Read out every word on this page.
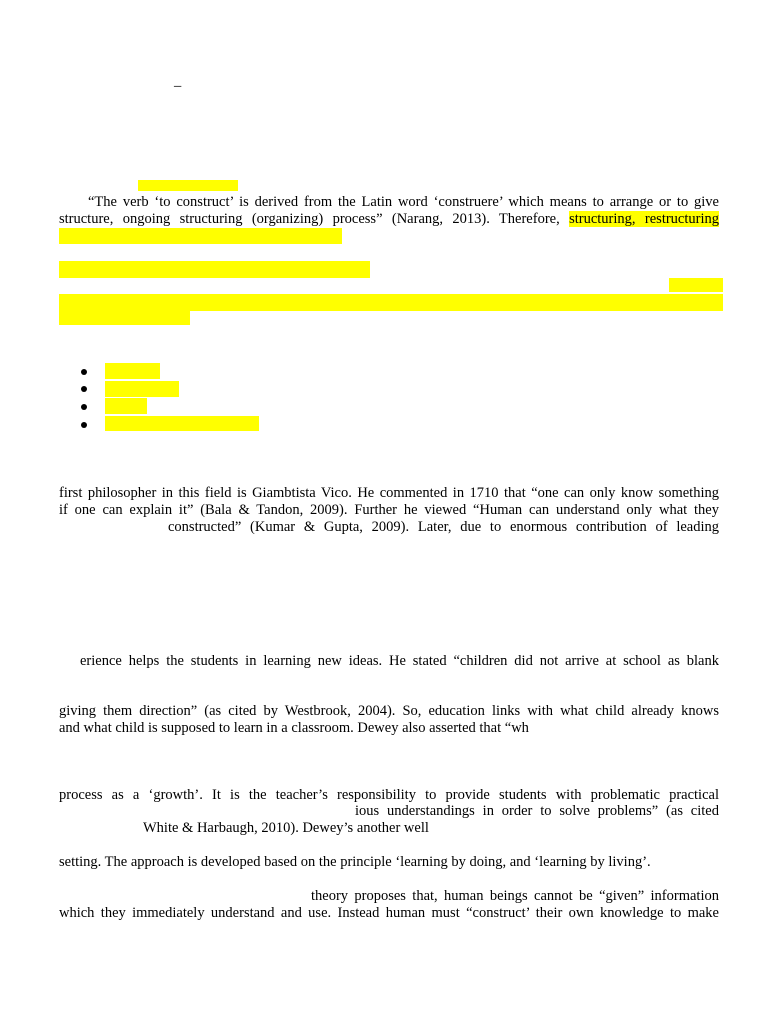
–
“The verb ‘to construct’ is derived from the Latin word ‘construere’ which means to arrange or to give
structure, ongoing structuring (organizing) process” (Narang, 2013). Therefore, structuring, restructuring
first philosopher in this field is Giambtista Vico. He commented in 1710 that “one can only know something
if one can explain it” (Bala & Tandon, 2009). Further he viewed “Human can understand only what they
constructed” (Kumar & Gupta, 2009). Later, due to enormous contribution of leading
erience helps the students in learning new ideas. He stated “children did not arrive at school as blank
giving them direction” (as cited by Westbrook, 2004). So, education links with what child already knows
and what child is supposed to learn in a classroom. Dewey also asserted that “wh
process as a ‘growth’. It is the teacher’s responsibility to provide students with problematic practical
ious understandings in order to solve problems” (as cited
White & Harbaugh, 2010). Dewey’s another well
setting. The approach is developed based on the principle ‘learning by doing, and ‘learning by living’.
theory proposes that, human beings cannot be “given” information
which they immediately understand and use. Instead human must “construct’ their own knowledge to make
